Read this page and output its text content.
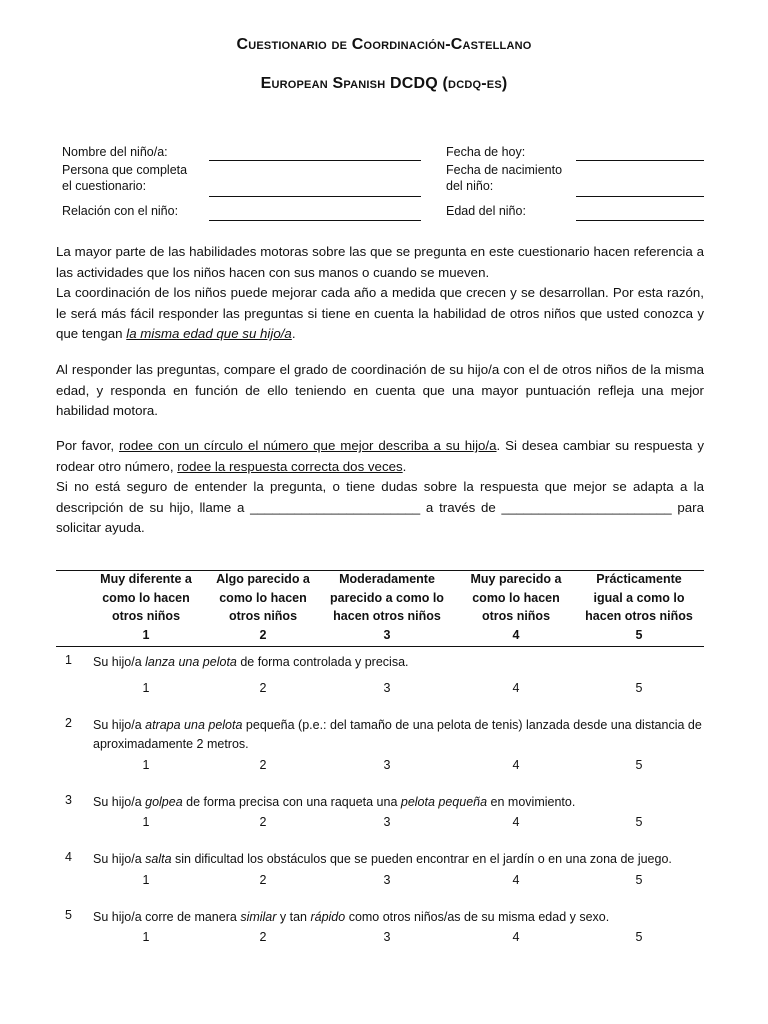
Cuestionario de Coordinación-Castellano
European Spanish DCDQ (dcdq-es)
Nombre del niño/a:
Persona que completa
el cuestionario:
Relación con el niño:
Fecha de hoy:
Fecha de nacimiento
del niño:
Edad del niño:

La mayor parte de las habilidades motoras sobre las que se pregunta en este cuestionario hacen referencia a las actividades que los niños hacen con sus manos o cuando se mueven.

La coordinación de los niños puede mejorar cada año a medida que crecen y se desarrollan. Por esta razón, le será más fácil responder las preguntas si tiene en cuenta la habilidad de otros niños que usted conozca y que tengan la misma edad que su hijo/a.

Al responder las preguntas, compare el grado de coordinación de su hijo/a con el de otros niños de la misma edad, y responda en función de ello teniendo en cuenta que una mayor puntuación refleja una mejor habilidad motora.

Por favor, rodee con un círculo el número que mejor describa a su hijo/a. Si desea cambiar su respuesta y rodear otro número, rodee la respuesta correcta dos veces.

Si no está seguro de entender la pregunta, o tiene dudas sobre la respuesta que mejor se adapta a la descripción de su hijo, llame a _______________________ a través de _______________________ para solicitar ayuda.

Muy diferente a
como lo hacen
otros niños
1
Algo parecido a
como lo hacen
otros niños
2
Moderadamente
parecido a como lo
hacen otros niños
3
Muy parecido a
como lo hacen
otros niños
4
Prácticamente
igual a como lo
hacen otros niños
5
1 Su hijo/a lanza una pelota de forma controlada y precisa.
1	2	3	4	5
2 Su hijo/a atrapa una pelota pequeña (p.e.: del tamaño de una pelota de tenis) lanzada desde una distancia de aproximadamente 2 metros.
1	2	3	4	5
3 Su hijo/a golpea de forma precisa con una raqueta una pelota pequeña en movimiento.
1	2	3	4	5
4 Su hijo/a salta sin dificultad los obstáculos que se pueden encontrar en el jardín o en una zona de juego.
1	2	3	4	5
5 Su hijo/a corre de manera similar y tan rápido como otros niños/as de su misma edad y sexo.
1	2	3	4	5
